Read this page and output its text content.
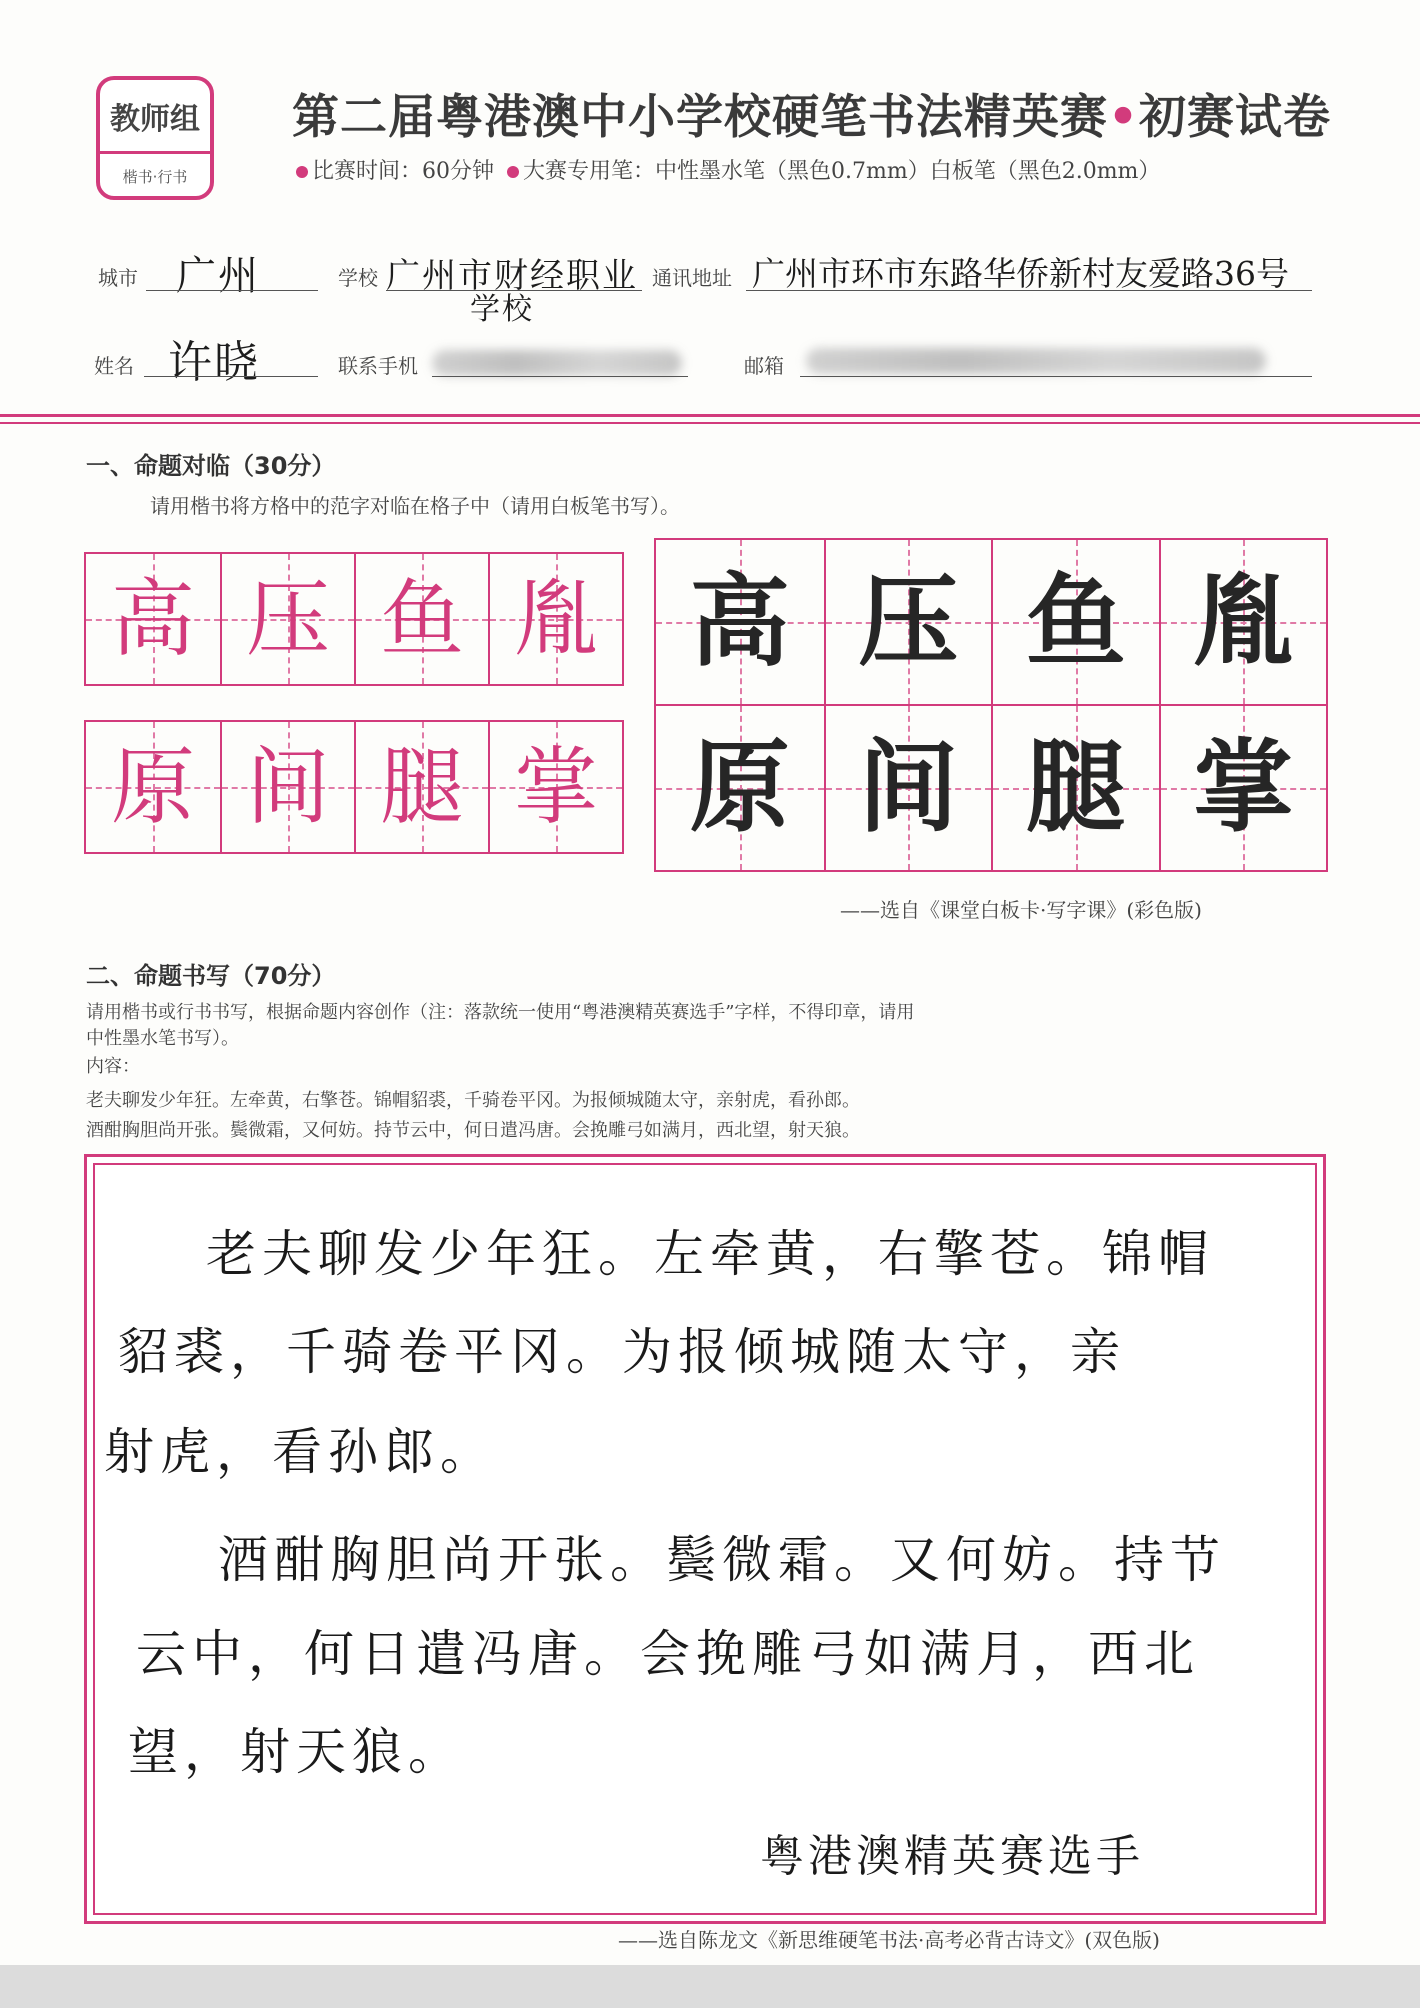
教师组
楷书·行书
第二届粤港澳中小学校硬笔书法精英赛•初赛试卷
比赛时间：60分钟 大赛专用笔：中性墨水笔（黑色0.7mm）白板笔（黑色2.0mm）
城市 广州	学校 广州市财经职业
学校
通讯地址 广州市环市东路华侨新村友爱路36号
姓名 许晓	联系手机	邮箱
一、命题对临（30分）
请用楷书将方格中的范字对临在格子中（请用白板笔书写）。
高 压 鱼 胤
原 间 腿 掌
高 压 鱼 胤
原 间 腿 掌
——选自《课堂白板卡·写字课》(彩色版)
二、命题书写（70分）
请用楷书或行书书写，根据命题内容创作（注：落款统一使用“粤港澳精英赛选手”字样，不得印章，请用
中性墨水笔书写）。
内容：
老夫聊发少年狂。左牵黄，右擎苍。锦帽貂裘，千骑卷平冈。为报倾城随太守，亲射虎，看孙郎。
酒酣胸胆尚开张。鬓微霜，又何妨。持节云中，何日遣冯唐。会挽雕弓如满月，西北望，射天狼。
老夫聊发少年狂。左牵黄，右擎苍。锦帽
貂裘，千骑卷平冈。为报倾城随太守，亲
射虎，看孙郎。
酒酣胸胆尚开张。鬓微霜。又何妨。持节
云中，何日遣冯唐。会挽雕弓如满月，西北
望，射天狼。
粤港澳精英赛选手
——选自陈龙文《新思维硬笔书法·高考必背古诗文》(双色版)
